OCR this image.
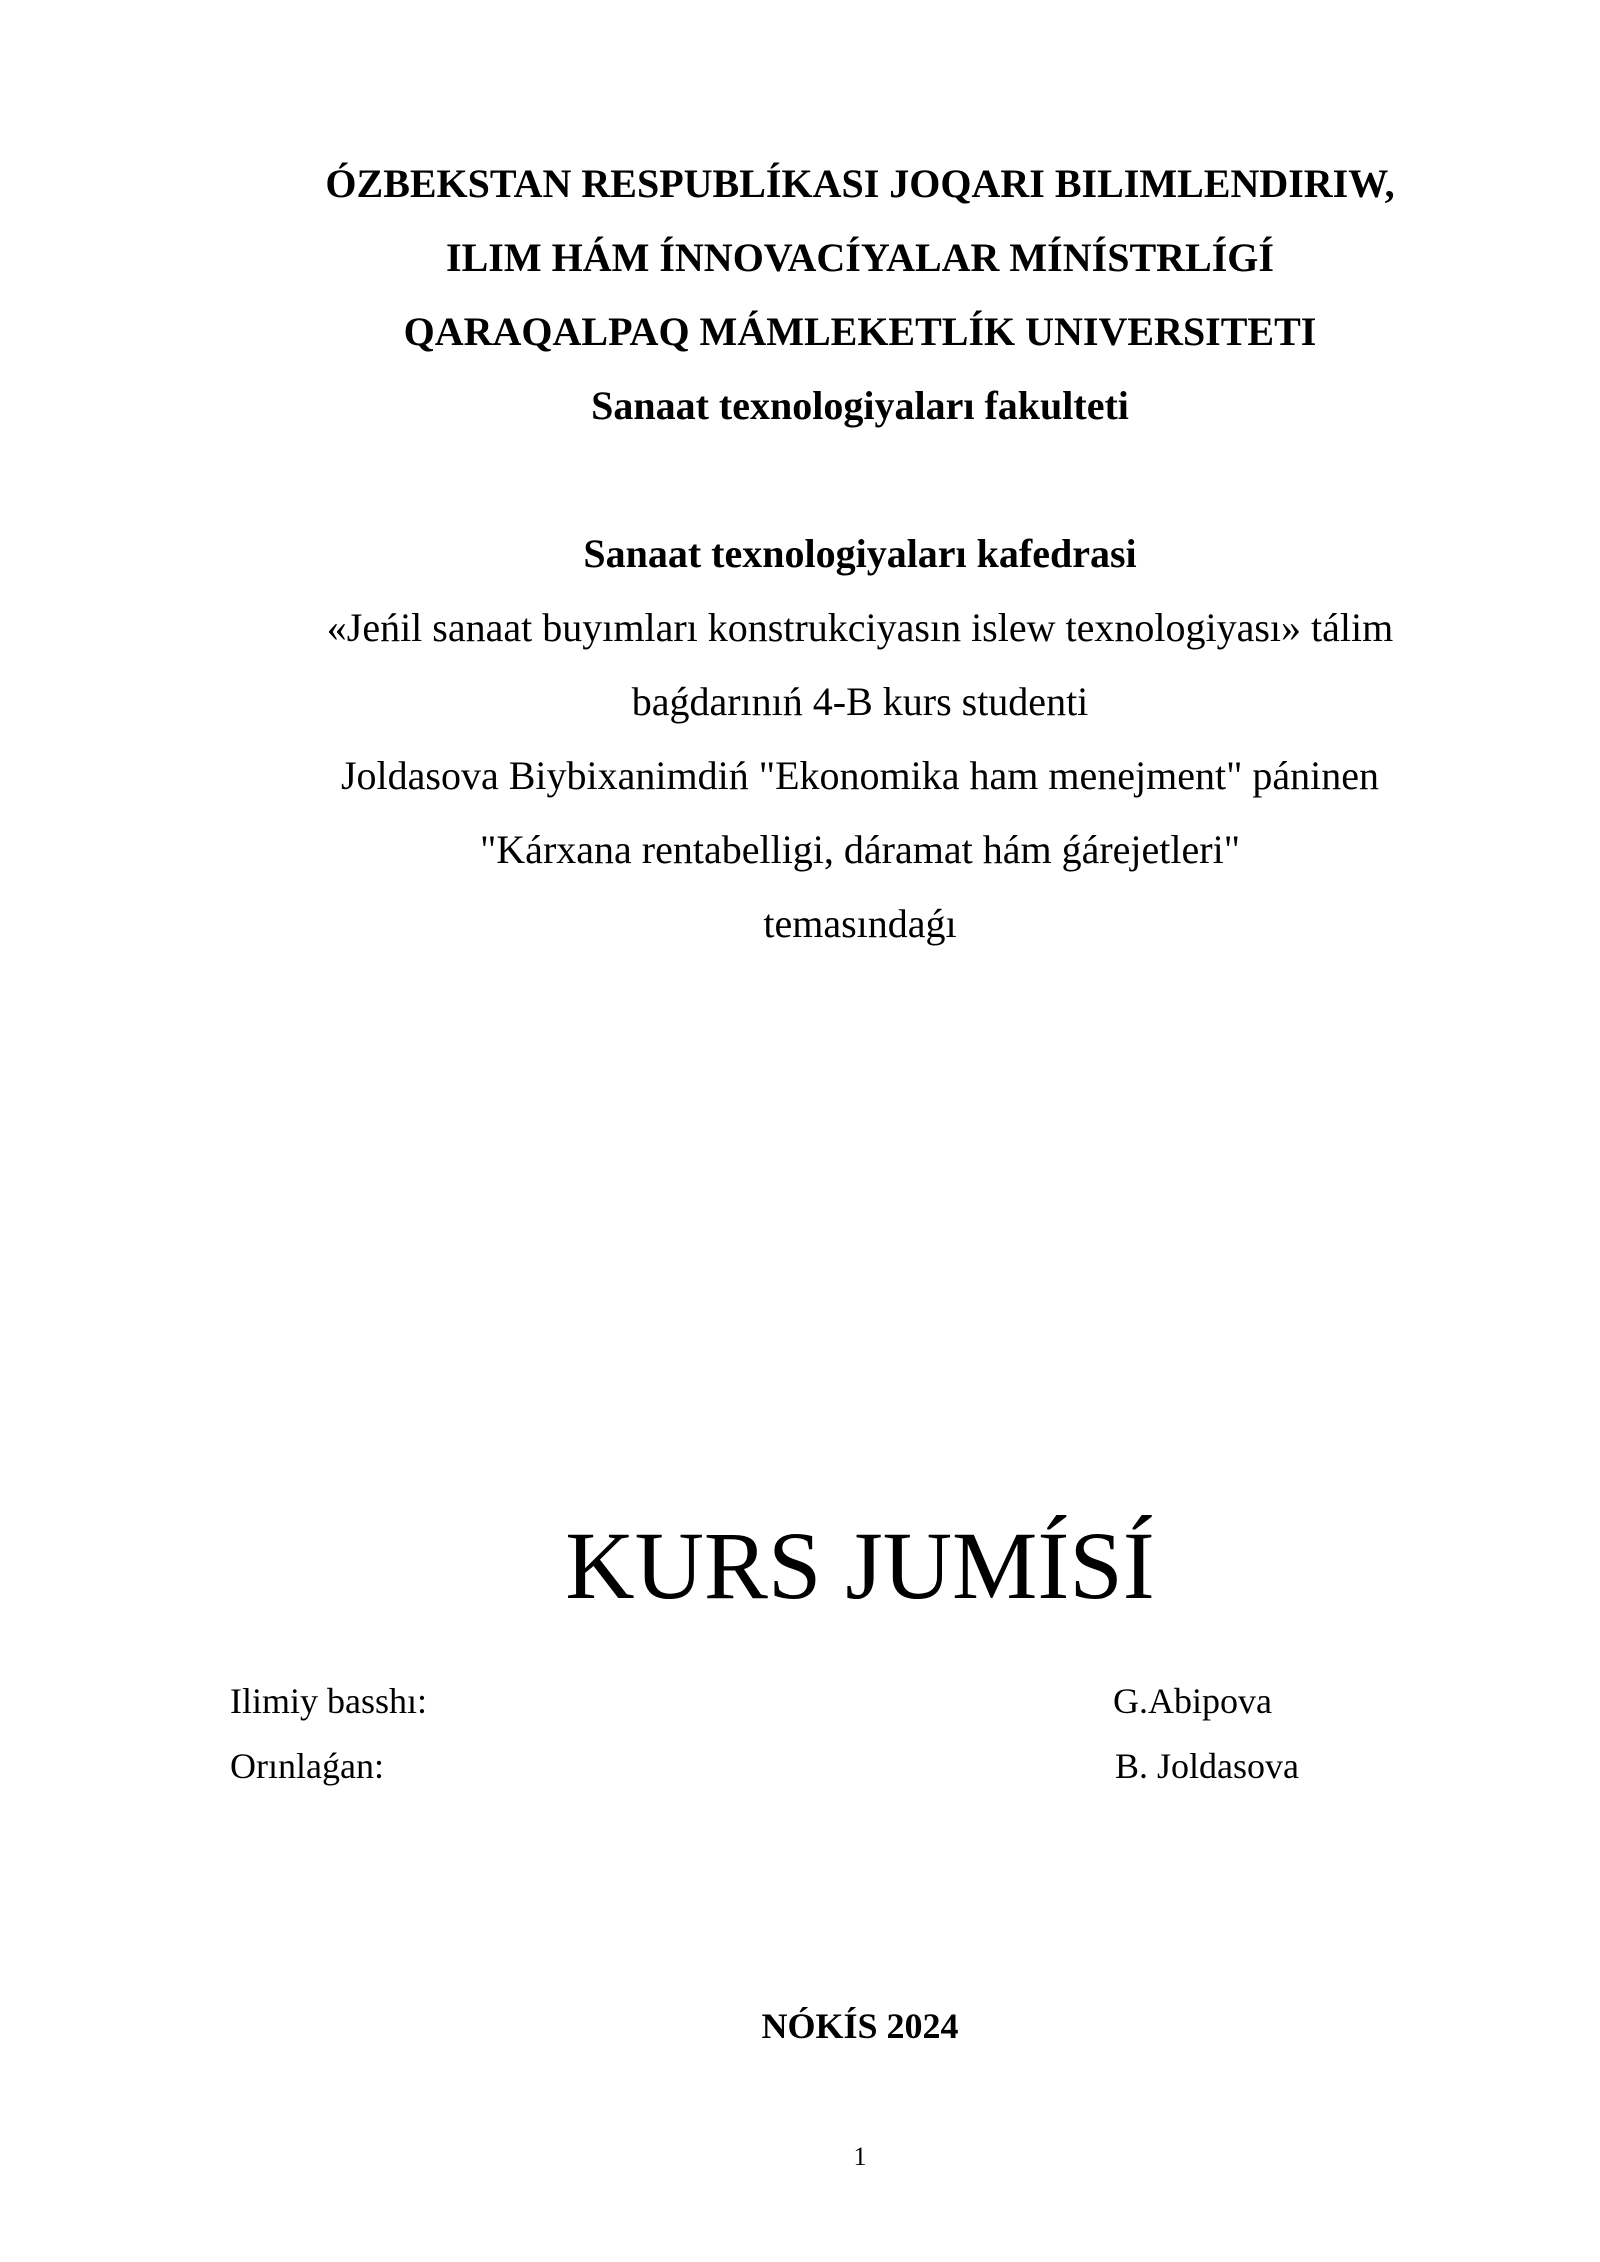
ÓZBEKSTAN RESPUBLÍKASI JOQARI BILIMLENDIRIW,
ILIM HÁM ÍNNOVACÍYALAR MÍNÍSTRLÍGÍ
QARAQALPAQ MÁMLEKETLÍK UNIVERSITETI
Sanaat texnologiyaları fakulteti
Sanaat texnologiyaları kafedrasi
«Jeńil sanaat buyımları konstrukciyasın islew texnologiyası» tálim
baǵdarınıń 4-B kurs studenti
Joldasova Biybixanimdiń "Ekonomika ham menejment" páninen
"Kárxana rentabelligi, dáramat hám ǵárejetleri"
temasındaǵı
KURS JUMÍSÍ
Ilimiy basshı:	G.Abipova
Orınlaǵan:	B. Joldasova
NÓKÍS 2024
1
